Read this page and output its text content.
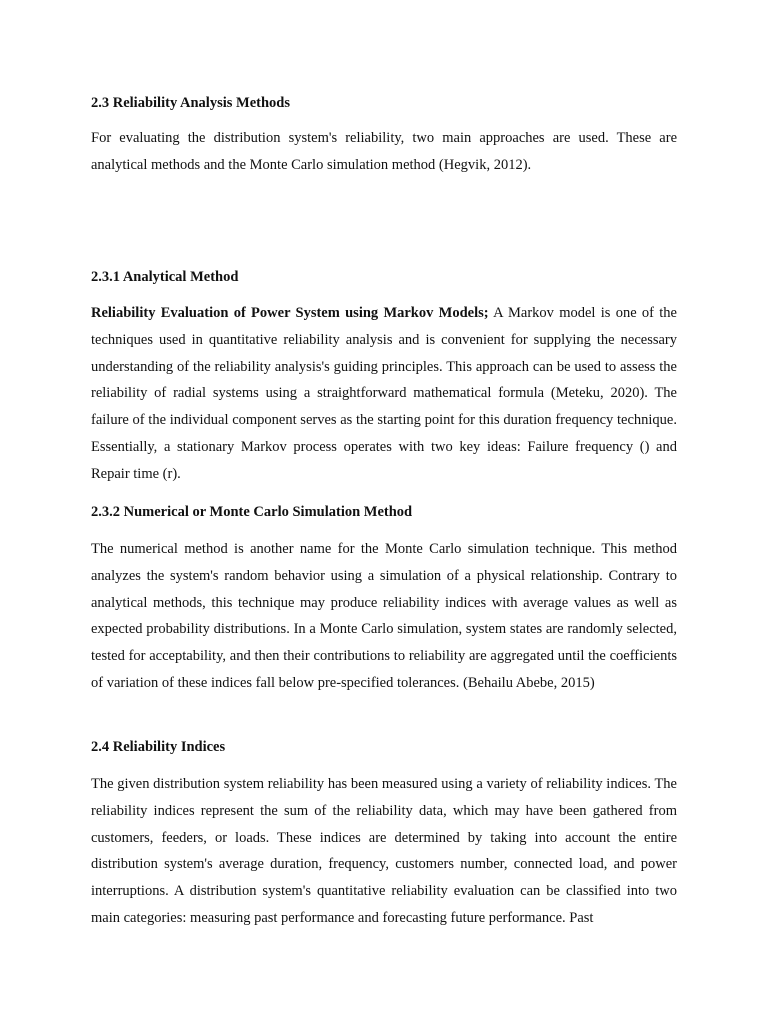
2.3 Reliability Analysis Methods
For evaluating the distribution system's reliability, two main approaches are used. These are analytical methods and the Monte Carlo simulation method (Hegvik, 2012).
2.3.1 Analytical Method
Reliability Evaluation of Power System using Markov Models; A Markov model is one of the techniques used in quantitative reliability analysis and is convenient for supplying the necessary understanding of the reliability analysis's guiding principles. This approach can be used to assess the reliability of radial systems using a straightforward mathematical formula (Meteku, 2020). The failure of the individual component serves as the starting point for this duration frequency technique. Essentially, a stationary Markov process operates with two key ideas: Failure frequency () and Repair time (r).
2.3.2 Numerical or Monte Carlo Simulation Method
The numerical method is another name for the Monte Carlo simulation technique. This method analyzes the system's random behavior using a simulation of a physical relationship. Contrary to analytical methods, this technique may produce reliability indices with average values as well as expected probability distributions. In a Monte Carlo simulation, system states are randomly selected, tested for acceptability, and then their contributions to reliability are aggregated until the coefficients of variation of these indices fall below pre-specified tolerances. (Behailu Abebe, 2015)
2.4 Reliability Indices
The given distribution system reliability has been measured using a variety of reliability indices. The reliability indices represent the sum of the reliability data, which may have been gathered from customers, feeders, or loads. These indices are determined by taking into account the entire distribution system's average duration, frequency, customers number, connected load, and power interruptions. A distribution system's quantitative reliability evaluation can be classified into two main categories: measuring past performance and forecasting future performance. Past
